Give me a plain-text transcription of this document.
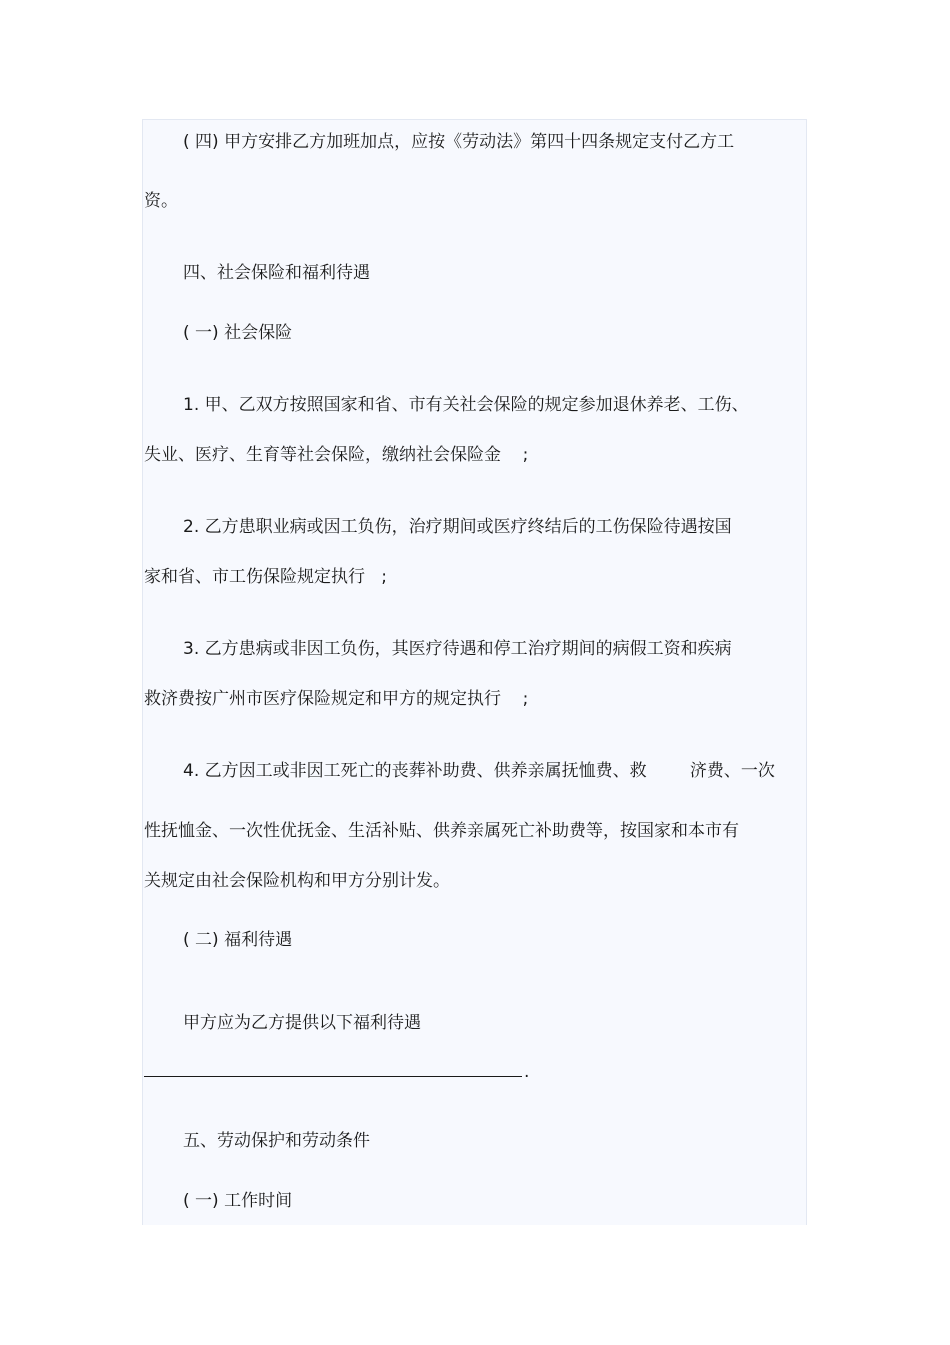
( 四) 甲方安排乙方加班加点，应按《劳动法》第四十四条规定支付乙方工
资。
四、社会保险和福利待遇
( 一) 社会保险
1. 甲、乙双方按照国家和省、市有关社会保险的规定参加退休养老、工伤、
失业、医疗、生育等社会保险，缴纳社会保险金    ;
2. 乙方患职业病或因工负伤，治疗期间或医疗终结后的工伤保险待遇按国
家和省、市工伤保险规定执行   ;
3. 乙方患病或非因工负伤，其医疗待遇和停工治疗期间的病假工资和疾病
救济费按广州市医疗保险规定和甲方的规定执行    ;
4. 乙方因工或非因工死亡的丧葬补助费、供养亲属抚恤费、救        济费、一次
性抚恤金、一次性优抚金、生活补贴、供养亲属死亡补助费等，按国家和本市有
关规定由社会保险机构和甲方分别计发。
( 二) 福利待遇
甲方应为乙方提供以下福利待遇
.
五、劳动保护和劳动条件
( 一) 工作时间
